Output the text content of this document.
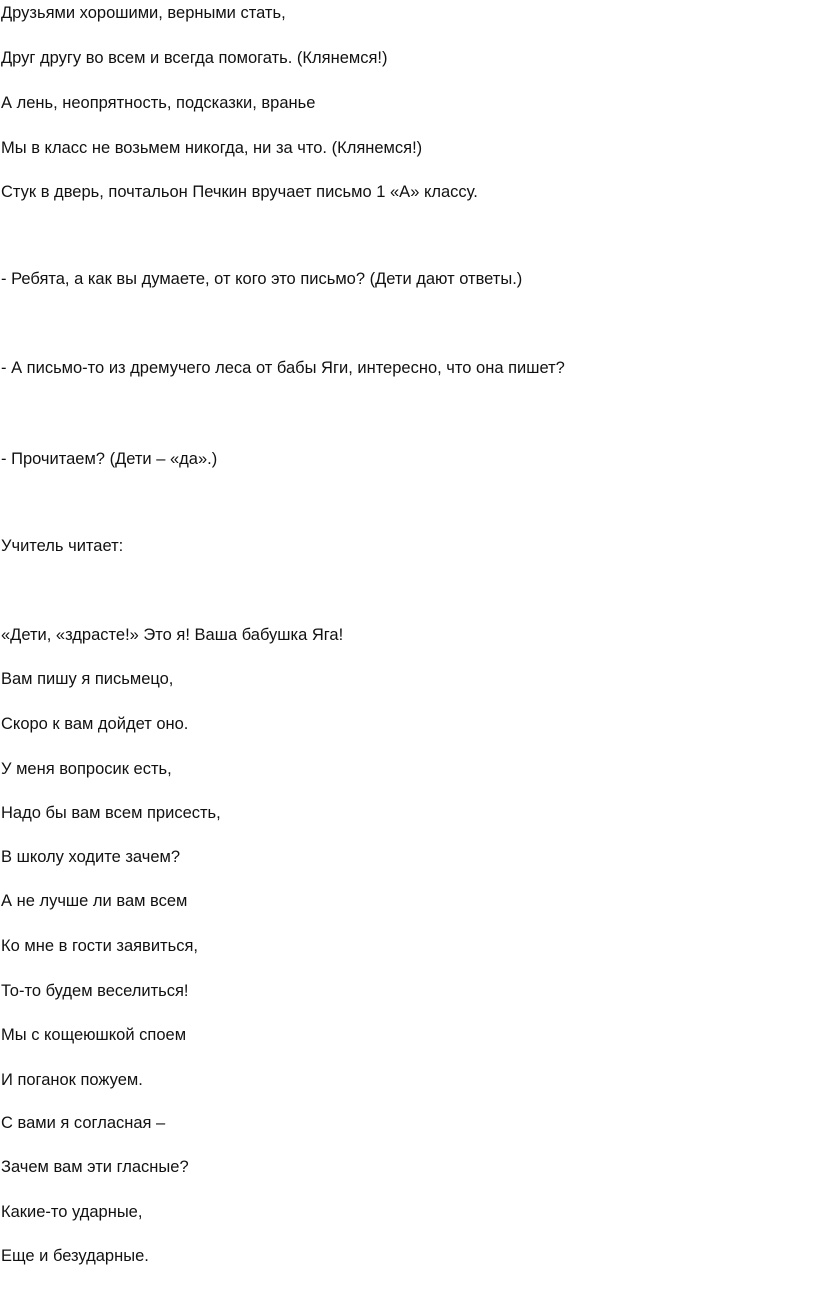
Друзьями хорошими, верными стать,
Друг другу во всем и всегда помогать. (Клянемся!)
А лень, неопрятность, подсказки, вранье
Мы в класс не возьмем никогда, ни за что. (Клянемся!)
Стук в дверь, почтальон Печкин вручает письмо 1 «А» классу.
- Ребята, а как вы думаете, от кого это письмо? (Дети дают ответы.)
- А письмо-то из дремучего леса от бабы Яги, интересно, что она пишет?
- Прочитаем? (Дети – «да».)
Учитель читает:
«Дети, «здрасте!» Это я! Ваша бабушка Яга!
Вам пишу я письмецо,
Скоро к вам дойдет оно.
У меня вопросик есть,
Надо бы вам всем присесть,
В школу ходите зачем?
А не лучше ли вам всем
Ко мне в гости заявиться,
То-то будем веселиться!
Мы с кощеюшкой споем
И поганок пожуем.
С вами я согласная –
Зачем вам эти гласные?
Какие-то ударные,
Еще и безударные.
